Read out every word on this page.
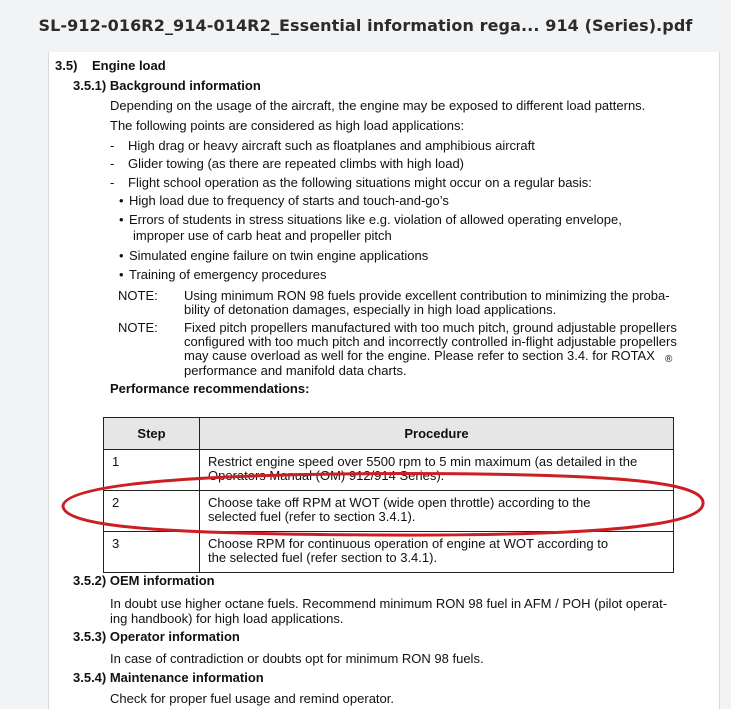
SL-912-016R2_914-014R2_Essential information rega... 914 (Series).pdf
3.5) Engine load
3.5.1) Background information
Depending on the usage of the aircraft, the engine may be exposed to different load patterns.
The following points are considered as high load applications:
- High drag or heavy aircraft such as floatplanes and amphibious aircraft
- Glider towing (as there are repeated climbs with high load)
- Flight school operation as the following situations might occur on a regular basis:
• High load due to frequency of starts and touch-and-go’s
• Errors of students in stress situations like e.g. violation of allowed operating envelope,
improper use of carb heat and propeller pitch
• Simulated engine failure on twin engine applications
• Training of emergency procedures
NOTE: Using minimum RON 98 fuels provide excellent contribution to minimizing the proba-
bility of detonation damages, especially in high load applications.
NOTE: Fixed pitch propellers manufactured with too much pitch, ground adjustable propellers
configured with too much pitch and incorrectly controlled in-flight adjustable propellers
may cause overload as well for the engine. Please refer to section 3.4. for ROTAX ®
performance and manifold data charts.
Performance recommendations:
Step	Procedure
1	Restrict engine speed over 5500 rpm to 5 min maximum (as detailed in the
Operators Manual (OM) 912/914 Series).

2	Choose take off RPM at WOT (wide open throttle) according to the
selected fuel (refer to section 3.4.1).

3	Choose RPM for continuous operation of engine at WOT according to
the selected fuel (refer section to 3.4.1).
3.5.2) OEM information
In doubt use higher octane fuels. Recommend minimum RON 98 fuel in AFM / POH (pilot operat-
ing handbook) for high load applications.
3.5.3) Operator information
In case of contradiction or doubts opt for minimum RON 98 fuels.
3.5.4) Maintenance information
Check for proper fuel usage and remind operator.
